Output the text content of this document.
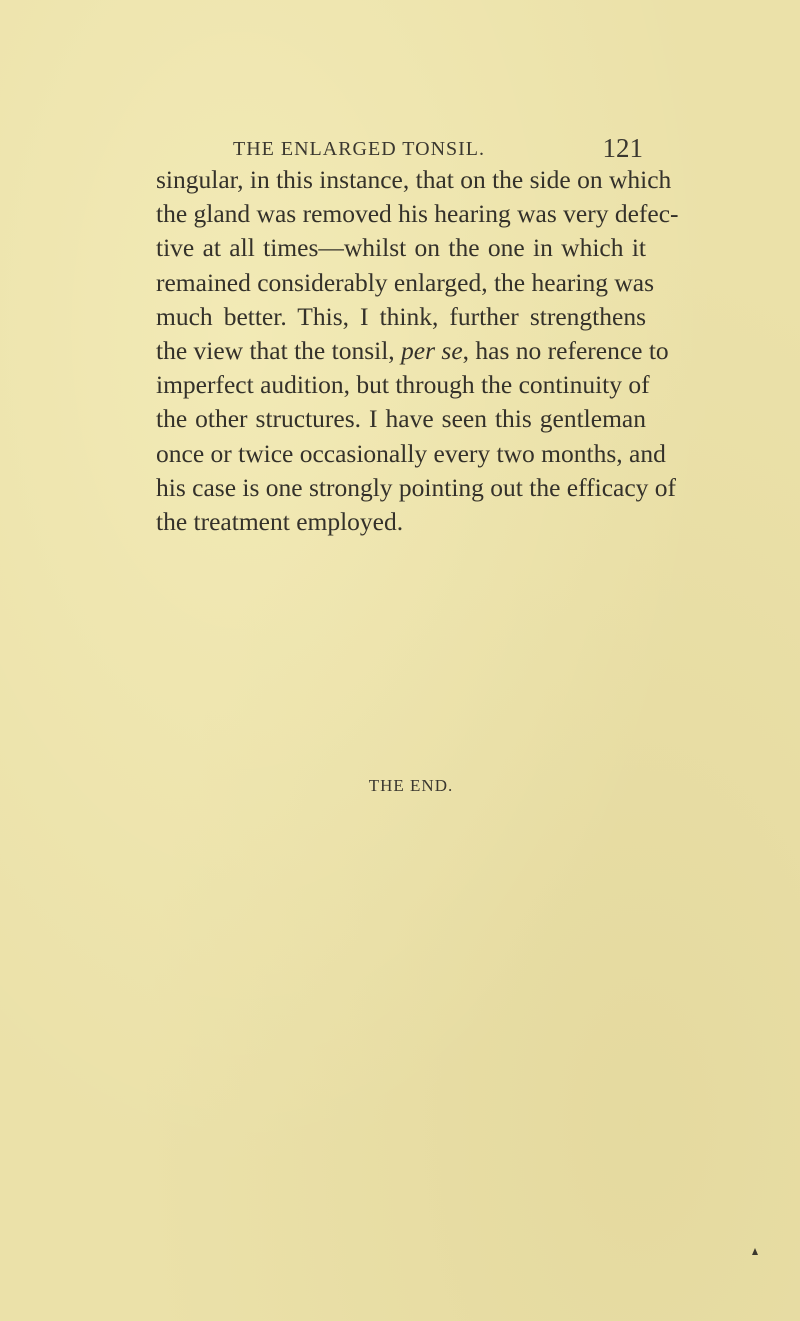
THE ENLARGED TONSIL.	121
singular, in this instance, that on the side on which
the gland was removed his hearing was very defec-
tive at all times—whilst on the one in which it
remained considerably enlarged, the hearing was
much better. This, I think, further strengthens
the view that the tonsil, per se, has no reference to
imperfect audition, but through the continuity of
the other structures. I have seen this gentleman
once or twice occasionally every two months, and
his case is one strongly pointing out the efficacy of
the treatment employed.
THE END.
